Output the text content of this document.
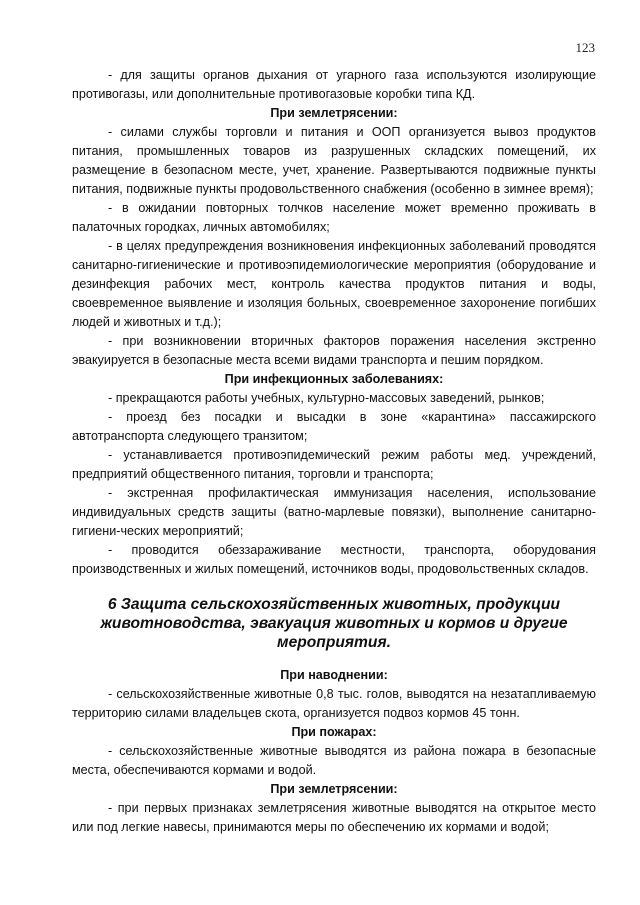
123

- для защиты органов дыхания от угарного газа используются изолирующие противогазы, или дополнительные противогазовые коробки типа КД.

При землетрясении:

- силами службы торговли и питания и ООП организуется вывоз продуктов питания, промышленных товаров из разрушенных складских помещений, их размещение в безопасном месте, учет, хранение. Развертываются подвижные пункты питания, подвижные пункты продовольственного снабжения (особенно в зимнее время);

- в ожидании повторных толчков население может временно проживать в палаточных городках, личных автомобилях;

- в целях предупреждения возникновения инфекционных заболеваний проводятся санитарно-гигиенические и противоэпидемиологические мероприятия (оборудование и дезинфекция рабочих мест, контроль качества продуктов питания и воды, своевременное выявление и изоляция больных, своевременное захоронение погибших людей и животных и т.д.);

- при возникновении вторичных факторов поражения населения экстренно эвакуируется в безопасные места всеми видами транспорта и пешим порядком.

При инфекционных заболеваниях:

- прекращаются работы учебных, культурно-массовых заведений, рынков;

- проезд без посадки и высадки в зоне «карантина» пассажирского автотранспорта следующего транзитом;

- устанавливается противоэпидемический режим работы мед. учреждений, предприятий общественного питания, торговли и транспорта;

- экстренная профилактическая иммунизация населения, использование индивидуальных средств защиты (ватно-марлевые повязки), выполнение санитарно-гигиени-ческих мероприятий;

- проводится обеззараживание местности, транспорта, оборудования производственных и жилых помещений, источников воды, продовольственных складов.

6 Защита сельскохозяйственных животных, продукции животноводства, эвакуация животных и кормов и другие мероприятия.
При наводнении:

- сельскохозяйственные животные 0,8 тыс. голов, выводятся на незатапливаемую территорию силами владельцев скота, организуется подвоз кормов 45 тонн.

При пожарах:

- сельскохозяйственные животные выводятся из района пожара в безопасные места, обеспечиваются кормами и водой.

При землетрясении:

- при первых признаках землетрясения животные выводятся на открытое место или под легкие навесы, принимаются меры по обеспечению их кормами и водой;
